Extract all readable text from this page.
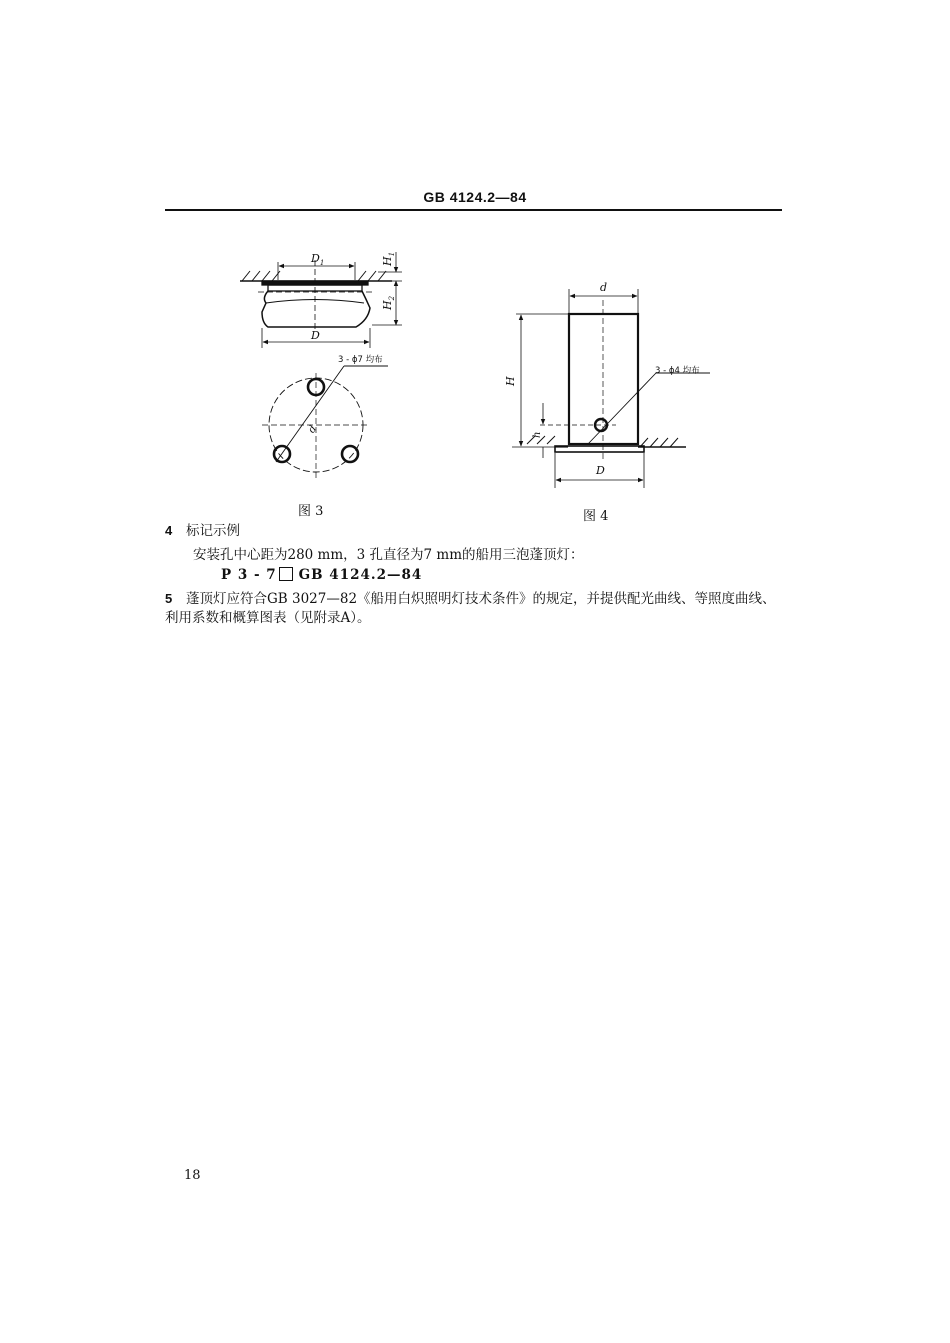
GB 4124.2—84
$D_1$
D
$H_1$
$H_2$
3 - ϕ7 均布
d
图 3
d
H
h
D
3 - ϕ4 均布
图 4
4 标记示例
安装孔中心距为280 mm，3 孔直径为7 mm的船用三泡蓬顶灯：
P 3 - 7 GB 4124.2—84
5 蓬顶灯应符合GB 3027—82《船用白炽照明灯技术条件》的规定，并提供配光曲线、等照度曲线、
利用系数和概算图表（见附录A）。
18
